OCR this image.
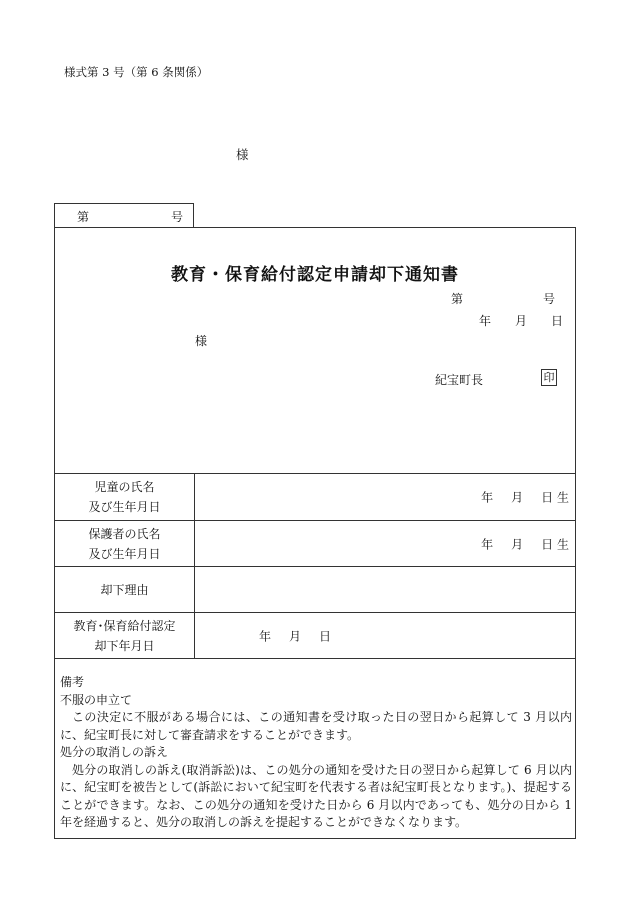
様式第 3 号（第 6 条関係）
様
第	号
教育・保育給付認定申請却下通知書
第	号
年 月 日
様
紀宝町長	印
児童の氏名
及び生年月日	年 月 日 生

保護者の氏名
及び生年月日	年 月 日 生

却下理由	
教育･保育給付認定
却下年月日	年 月 日

備考

不服の申立て

この決定に不服がある場合には、この通知書を受け取った日の翌日から起算して 3 月以内に、紀宝町長に対して審査請求をすることができます。

処分の取消しの訴え

処分の取消しの訴え(取消訴訟)は、この処分の通知を受けた日の翌日から起算して 6 月以内に、紀宝町を被告として(訴訟において紀宝町を代表する者は紀宝町長となります。)、提起することができます。なお、この処分の通知を受けた日から 6 月以内であっても、処分の日から 1 年を経過すると、処分の取消しの訴えを提起することができなくなります。
